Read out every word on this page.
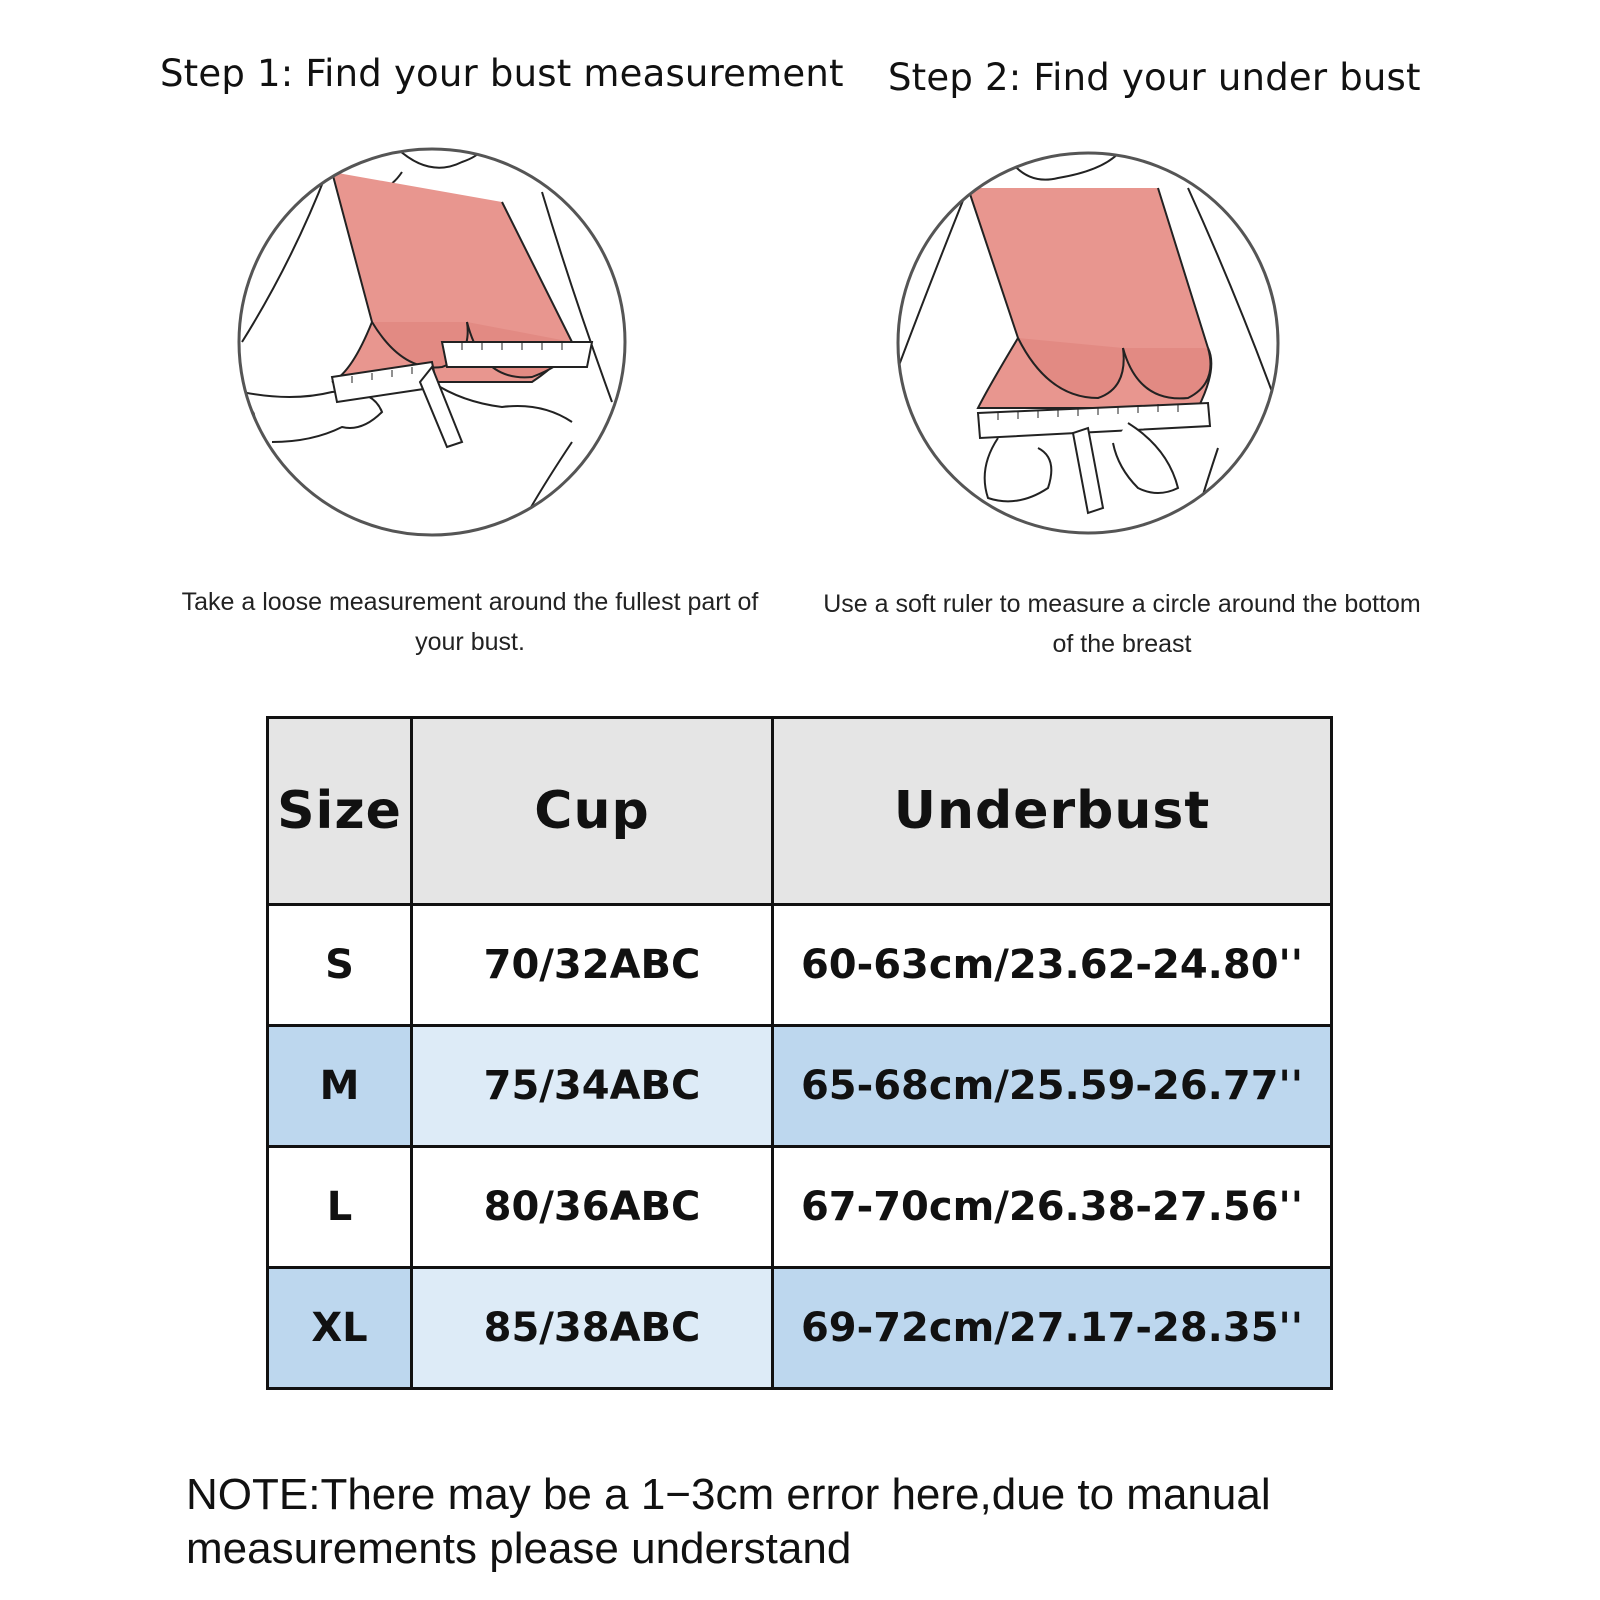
Step 1: Find your bust measurement Step 2: Find your under bust
Take a loose measurement around the fullest part of your bust.
Use a soft ruler to measure a circle around the bottom of the breast
Size	Cup	Underbust
S	70/32ABC	60-63cm/23.62-24.80''
M	75/34ABC	65-68cm/25.59-26.77''
L	80/36ABC	67-70cm/26.38-27.56''
XL	85/38ABC	69-72cm/27.17-28.35''
NOTE:There may be a 1−3cm error here,due to manual measurements please understand
